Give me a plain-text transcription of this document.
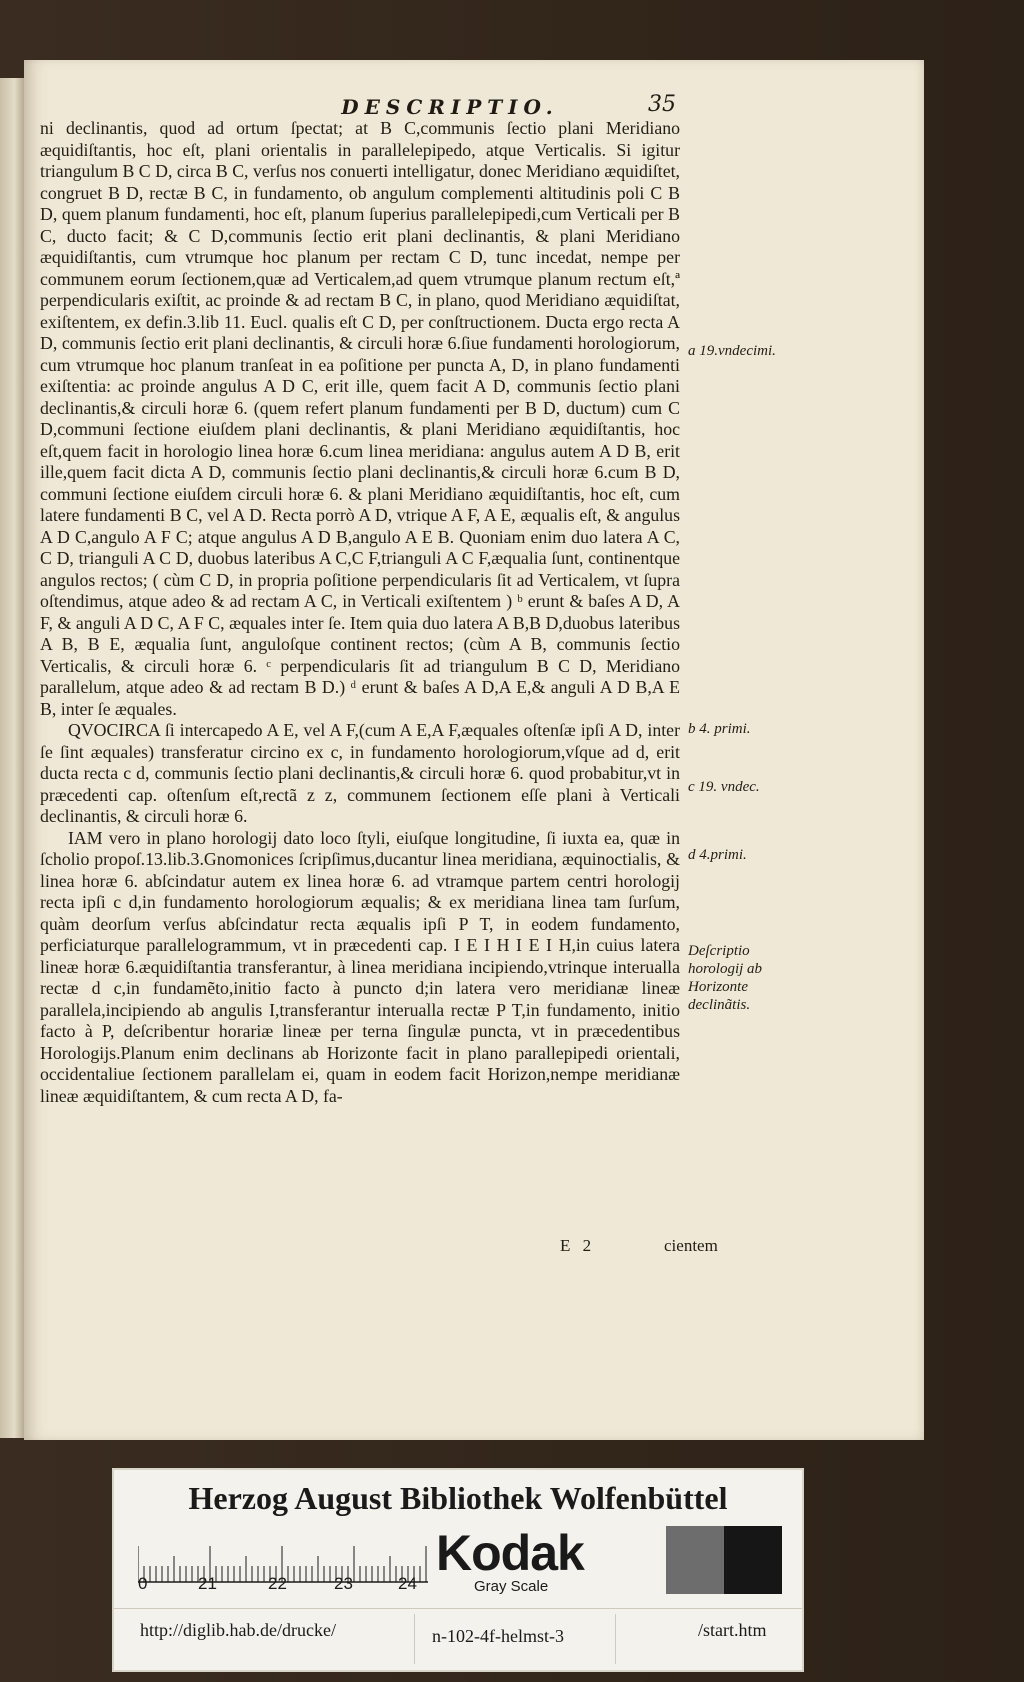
DESCRIPTIO.	35

ni declinantis, quod ad ortum ſpectat; at B C,communis ſectio plani Meridiano æquidiſtantis, hoc eſt, plani orientalis in parallelepipedo, atque Verticalis. Si igitur triangulum B C D, circa B C, verſus nos conuerti intelligatur, donec Meridiano æquidiſtet, congruet B D, rectæ B C, in fundamento, ob angulum complementi altitudinis poli C B D, quem planum fundamenti, hoc eſt, planum ſuperius parallelepipedi,cum Verticali per B C, ducto facit; & C D,communis ſectio erit plani declinantis, & plani Meridiano æquidiſtantis, cum vtrumque hoc planum per rectam C D, tunc incedat, nempe per communem eorum ſectionem,quæ ad Verticalem,ad quem vtrumque planum rectum eſt,ª perpendicularis exiſtit, ac proinde & ad rectam B C, in plano, quod Meridiano æquidiſtat, exiſtentem, ex defin.3.lib 11. Eucl. qualis eſt C D, per conſtructionem. Ducta ergo recta A D, communis ſectio erit plani declinantis, & circuli horæ 6.ſiue fundamenti horologiorum, cum vtrumque hoc planum tranſeat in ea poſitione per puncta A, D, in plano fundamenti exiſtentia: ac proinde angulus A D C, erit ille, quem facit A D, communis ſectio plani declinantis,& circuli horæ 6. (quem refert planum fundamenti per B D, ductum) cum C D,communi ſectione eiuſdem plani declinantis, & plani Meridiano æquidiſtantis, hoc eſt,quem facit in horologio linea horæ 6.cum linea meridiana: angulus autem A D B, erit ille,quem facit dicta A D, communis ſectio plani declinantis,& circuli horæ 6.cum B D, communi ſectione eiuſdem circuli horæ 6. & plani Meridiano æquidiſtantis, hoc eſt, cum latere fundamenti B C, vel A D. Recta porrò A D, vtrique A F, A E, æqualis eſt, & angulus A D C,angulo A F C; atque angulus A D B,angulo A E B. Quoniam enim duo latera A C, C D, trianguli A C D, duobus lateribus A C,C F,trianguli A C F,æqualia ſunt, continentque angulos rectos; ( cùm C D, in propria poſitione perpendicularis ſit ad Verticalem, vt ſupra oſtendimus, atque adeo & ad rectam A C, in Verticali exiſtentem ) ᵇ erunt & baſes A D, A F, & anguli A D C, A F C, æquales inter ſe. Item quia duo latera A B,B D,duobus lateribus A B, B E, æqualia ſunt, anguloſque continent rectos; (cùm A B, communis ſectio Verticalis, & circuli horæ 6. ᶜ perpendicularis ſit ad triangulum B C D, Meridiano parallelum, atque adeo & ad rectam B D.) ᵈ erunt & baſes A D,A E,& anguli A D B,A E B, inter ſe æquales.

QVOCIRCA ſi intercapedo A E, vel A F,(cum A E,A F,æquales oſtenſæ ipſi A D, inter ſe ſint æquales) transferatur circino ex c, in fundamento horologiorum,vſque ad d, erit ducta recta c d, communis ſectio plani declinantis,& circuli horæ 6. quod probabitur,vt in præcedenti cap. oſtenſum eſt,rectã z z, communem ſectionem eſſe plani à Verticali declinantis, & circuli horæ 6.

IAM vero in plano horologij dato loco ſtyli, eiuſque longitudine, ſi iuxta ea, quæ in ſcholio propoſ.13.lib.3.Gnomonices ſcripſimus,ducantur linea meridiana, æquinoctialis, & linea horæ 6. abſcindatur autem ex linea horæ 6. ad vtramque partem centri horologij recta ipſi c d,in fundamento horologiorum æqualis; & ex meridiana linea tam ſurſum, quàm deorſum verſus abſcindatur recta æqualis ipſi P T, in eodem fundamento, perficiaturque parallelogrammum, vt in præcedenti cap. I E I H I E I H,in cuius latera lineæ horæ 6.æquidiſtantia transferantur, à linea meridiana incipiendo,vtrinque interualla rectæ d c,in fundamẽto,initio facto à puncto d;in latera vero meridianæ lineæ parallela,incipiendo ab angulis I,transferantur interualla rectæ P T,in fundamento, initio facto à P, deſcribentur horariæ lineæ per terna ſingulæ puncta, vt in præcedentibus Horologijs.Planum enim declinans ab Horizonte facit in plano parallepipedi orientali, occidentaliue ſectionem parallelam ei, quam in eodem facit Horizon,nempe meridianæ lineæ æquidiſtantem, & cum recta A D, fa-

a 19.vndecimi.
b 4. primi.
c 19. vndec.
d 4.primi.
Deſcriptio horologij ab Horizonte declinãtis.
E 2	cientem
Herzog August Bibliothek Wolfenbüttel
0	21	22	23	24
Kodak
Gray Scale
http://diglib.hab.de/drucke/	n-102-4f-helmst-3	/start.htm
